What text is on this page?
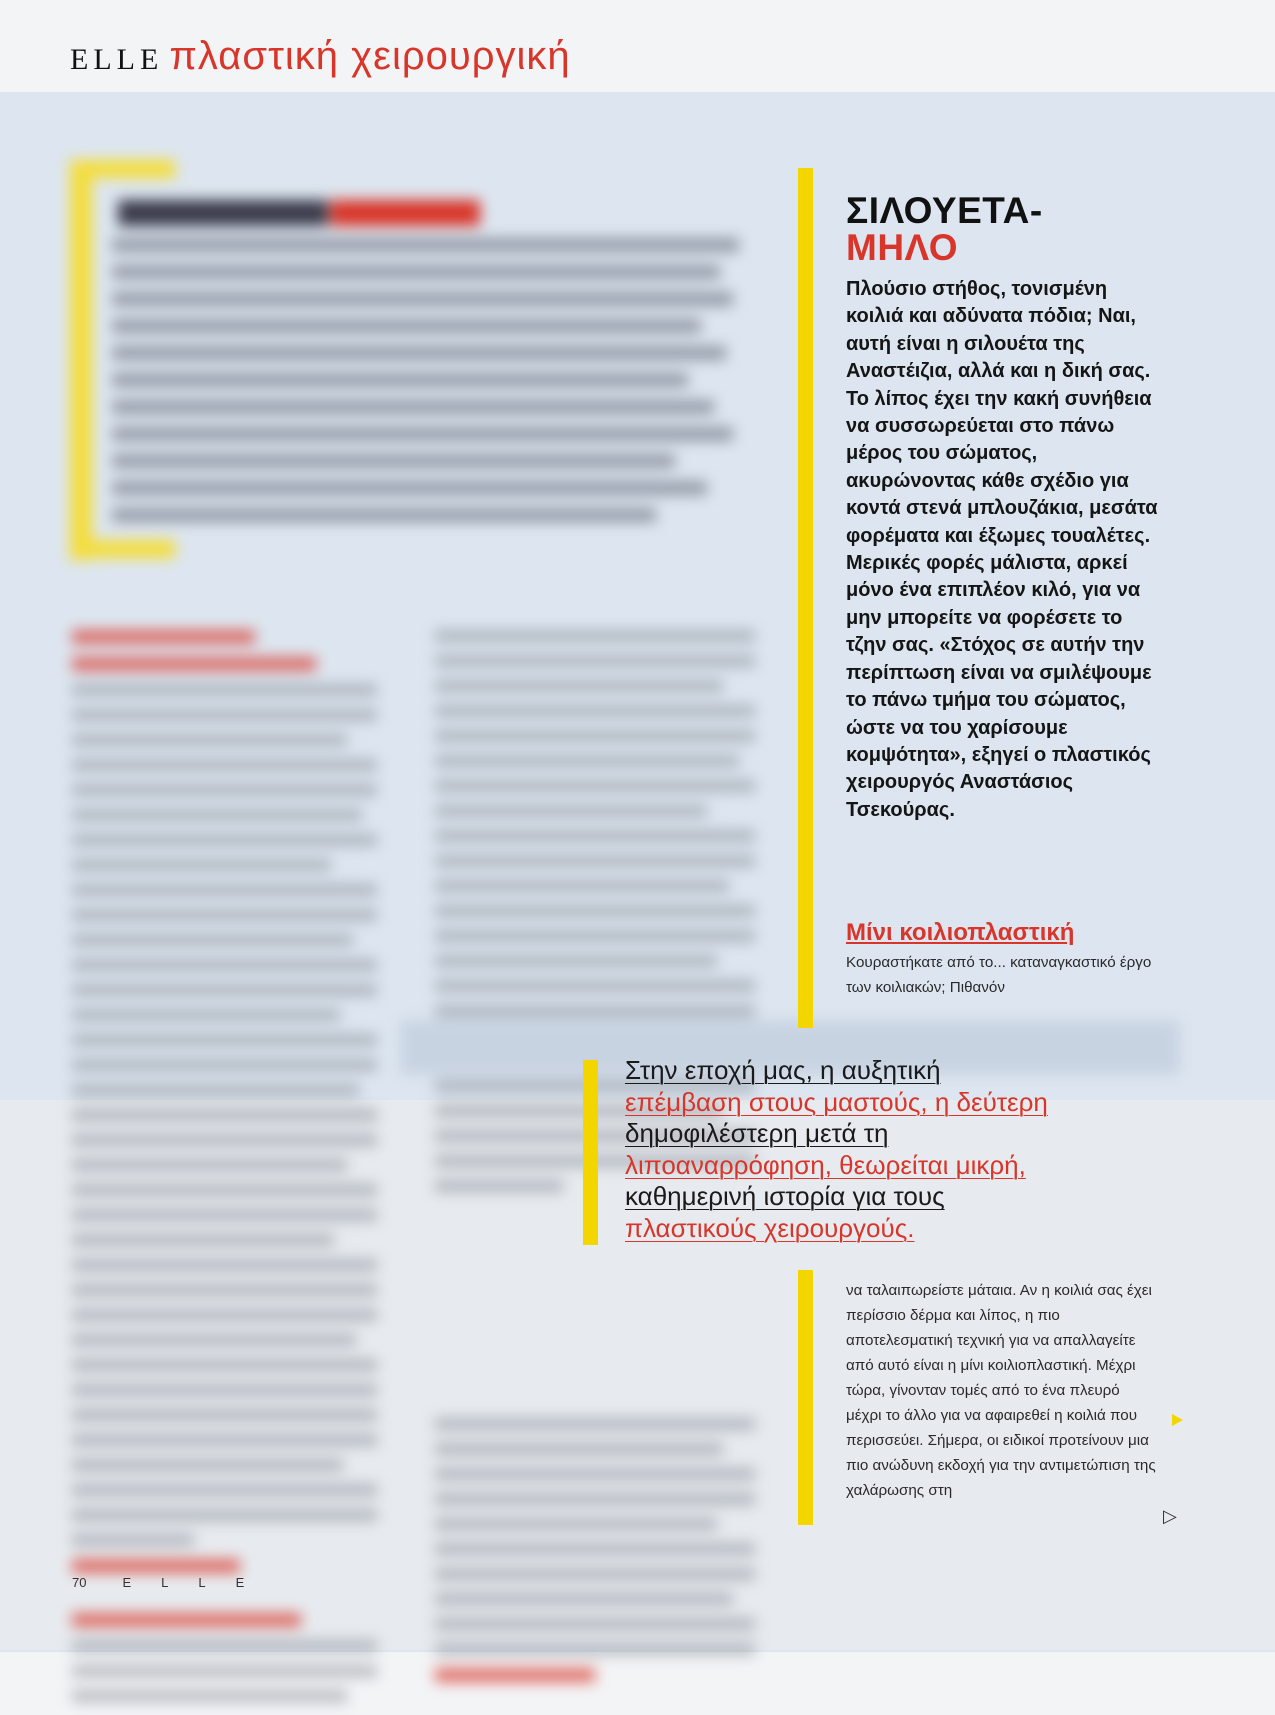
ELLE πλαστική χειρουργική
ΣΙΛΟΥΕΤΑ-
ΜΗΛΟ

Πλούσιο στήθος, τονισμένη κοιλιά και αδύνατα πόδια; Ναι, αυτή είναι η σιλουέτα της Αναστέιζια, αλλά και η δική σας. Το λίπος έχει την κακή συνήθεια να συσσωρεύεται στο πάνω μέρος του σώματος, ακυρώνοντας κάθε σχέδιο για κοντά στενά μπλουζάκια, μεσάτα φορέματα και έξωμες τουαλέτες. Μερικές φορές μάλιστα, αρκεί μόνο ένα επιπλέον κιλό, για να μην μπορείτε να φορέσετε το τζην σας. «Στόχος σε αυτήν την περίπτωση είναι να σμιλέψουμε το πάνω τμήμα του σώματος, ώστε να του χαρίσουμε κομψότητα», εξηγεί ο πλαστικός χειρουργός Αναστάσιος Τσεκούρας.

Μίνι κοιλιοπλαστική

Κουραστήκατε από το... καταναγκαστικό έργο των κοιλιακών; Πιθανόν

Στην εποχή μας, η αυξητική
επέμβαση στους μαστούς, η δεύτερη
δημοφιλέστερη μετά τη
λιποαναρρόφηση, θεωρείται μικρή,
καθημερινή ιστορία για τους
πλαστικούς χειρουργούς.

να ταλαιπωρείστε μάταια. Αν η κοιλιά σας έχει περίσσιο δέρμα και λίπος, η πιο αποτελεσματική τεχνική για να απαλλαγείτε από αυτό είναι η μίνι κοιλιοπλαστική. Μέχρι τώρα, γίνονταν τομές από το ένα πλευρό μέχρι το άλλο για να αφαιρεθεί η κοιλιά που περισσεύει. Σήμερα, οι ειδικοί προτείνουν μια πιο ανώδυνη εκδοχή για την αντιμετώπιση της χαλάρωσης στη

▷
70	ELLE
